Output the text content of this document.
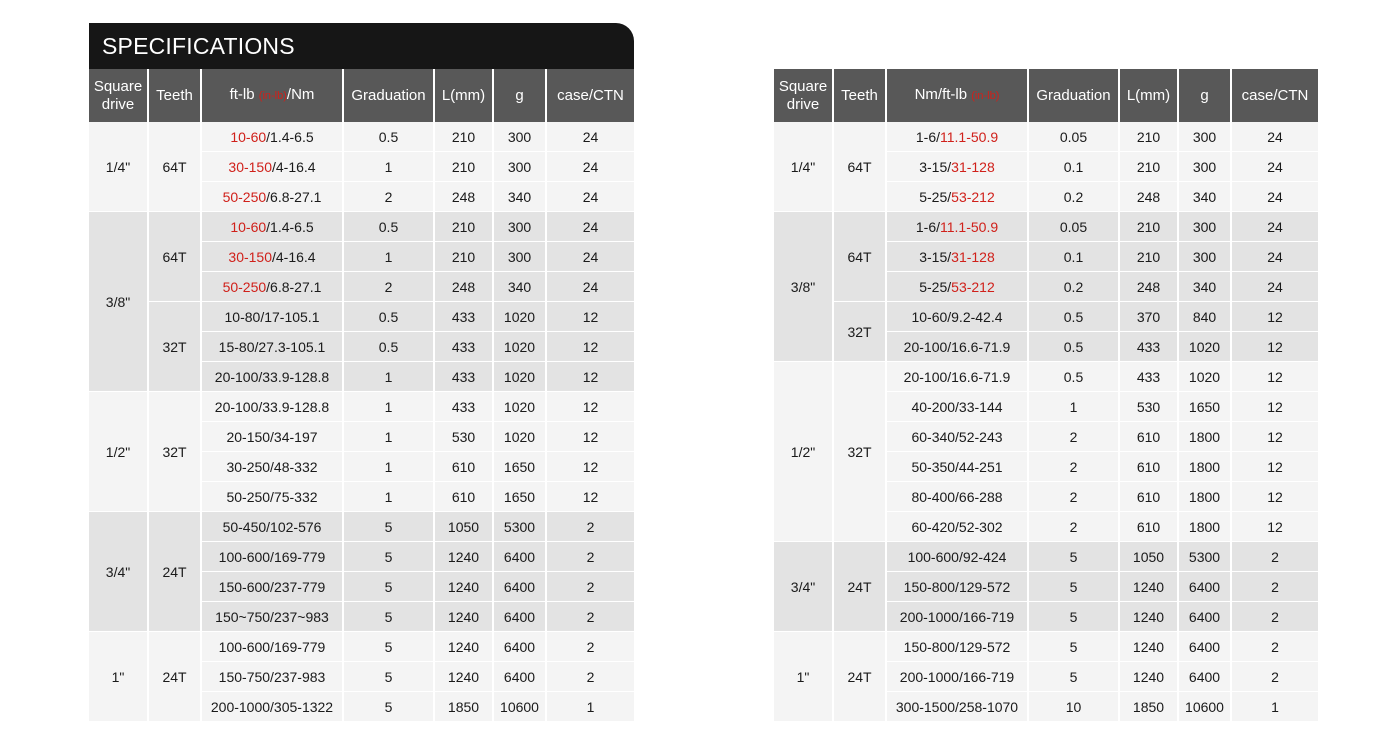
SPECIFICATIONS
Square
drive	Teeth	ft-lb (in-lb)/Nm	Graduation	L(mm)	g	case/CTN
1/4"	64T	10-60/1.4-6.5	0.5	210	300	24
		30-150/4-16.4	1	210	300	24
		50-250/6.8-27.1	2	248	340	24
3/8"	64T	10-60/1.4-6.5	0.5	210	300	24
		30-150/4-16.4	1	210	300	24
		50-250/6.8-27.1	2	248	340	24
	32T	10-80/17-105.1	0.5	433	1020	12
		15-80/27.3-105.1	0.5	433	1020	12
		20-100/33.9-128.8	1	433	1020	12
1/2"	32T	20-100/33.9-128.8	1	433	1020	12
		20-150/34-197	1	530	1020	12
		30-250/48-332	1	610	1650	12
		50-250/75-332	1	610	1650	12
3/4"	24T	50-450/102-576	5	1050	5300	2
		100-600/169-779	5	1240	6400	2
		150-600/237-779	5	1240	6400	2
		150~750/237~983	5	1240	6400	2
1"	24T	100-600/169-779	5	1240	6400	2
		150-750/237-983	5	1240	6400	2
		200-1000/305-1322	5	1850	10600	1
Square
drive	Teeth	Nm/ft-lb (in-lb)	Graduation	L(mm)	g	case/CTN
1/4"	64T	1-6/11.1-50.9	0.05	210	300	24
		3-15/31-128	0.1	210	300	24
		5-25/53-212	0.2	248	340	24
3/8"	64T	1-6/11.1-50.9	0.05	210	300	24
		3-15/31-128	0.1	210	300	24
		5-25/53-212	0.2	248	340	24
	32T	10-60/9.2-42.4	0.5	370	840	12
		20-100/16.6-71.9	0.5	433	1020	12
1/2"	32T	20-100/16.6-71.9	0.5	433	1020	12
		40-200/33-144	1	530	1650	12
		60-340/52-243	2	610	1800	12
		50-350/44-251	2	610	1800	12
		80-400/66-288	2	610	1800	12
		60-420/52-302	2	610	1800	12
3/4"	24T	100-600/92-424	5	1050	5300	2
		150-800/129-572	5	1240	6400	2
		200-1000/166-719	5	1240	6400	2
1"	24T	150-800/129-572	5	1240	6400	2
		200-1000/166-719	5	1240	6400	2
		300-1500/258-1070	10	1850	10600	1
